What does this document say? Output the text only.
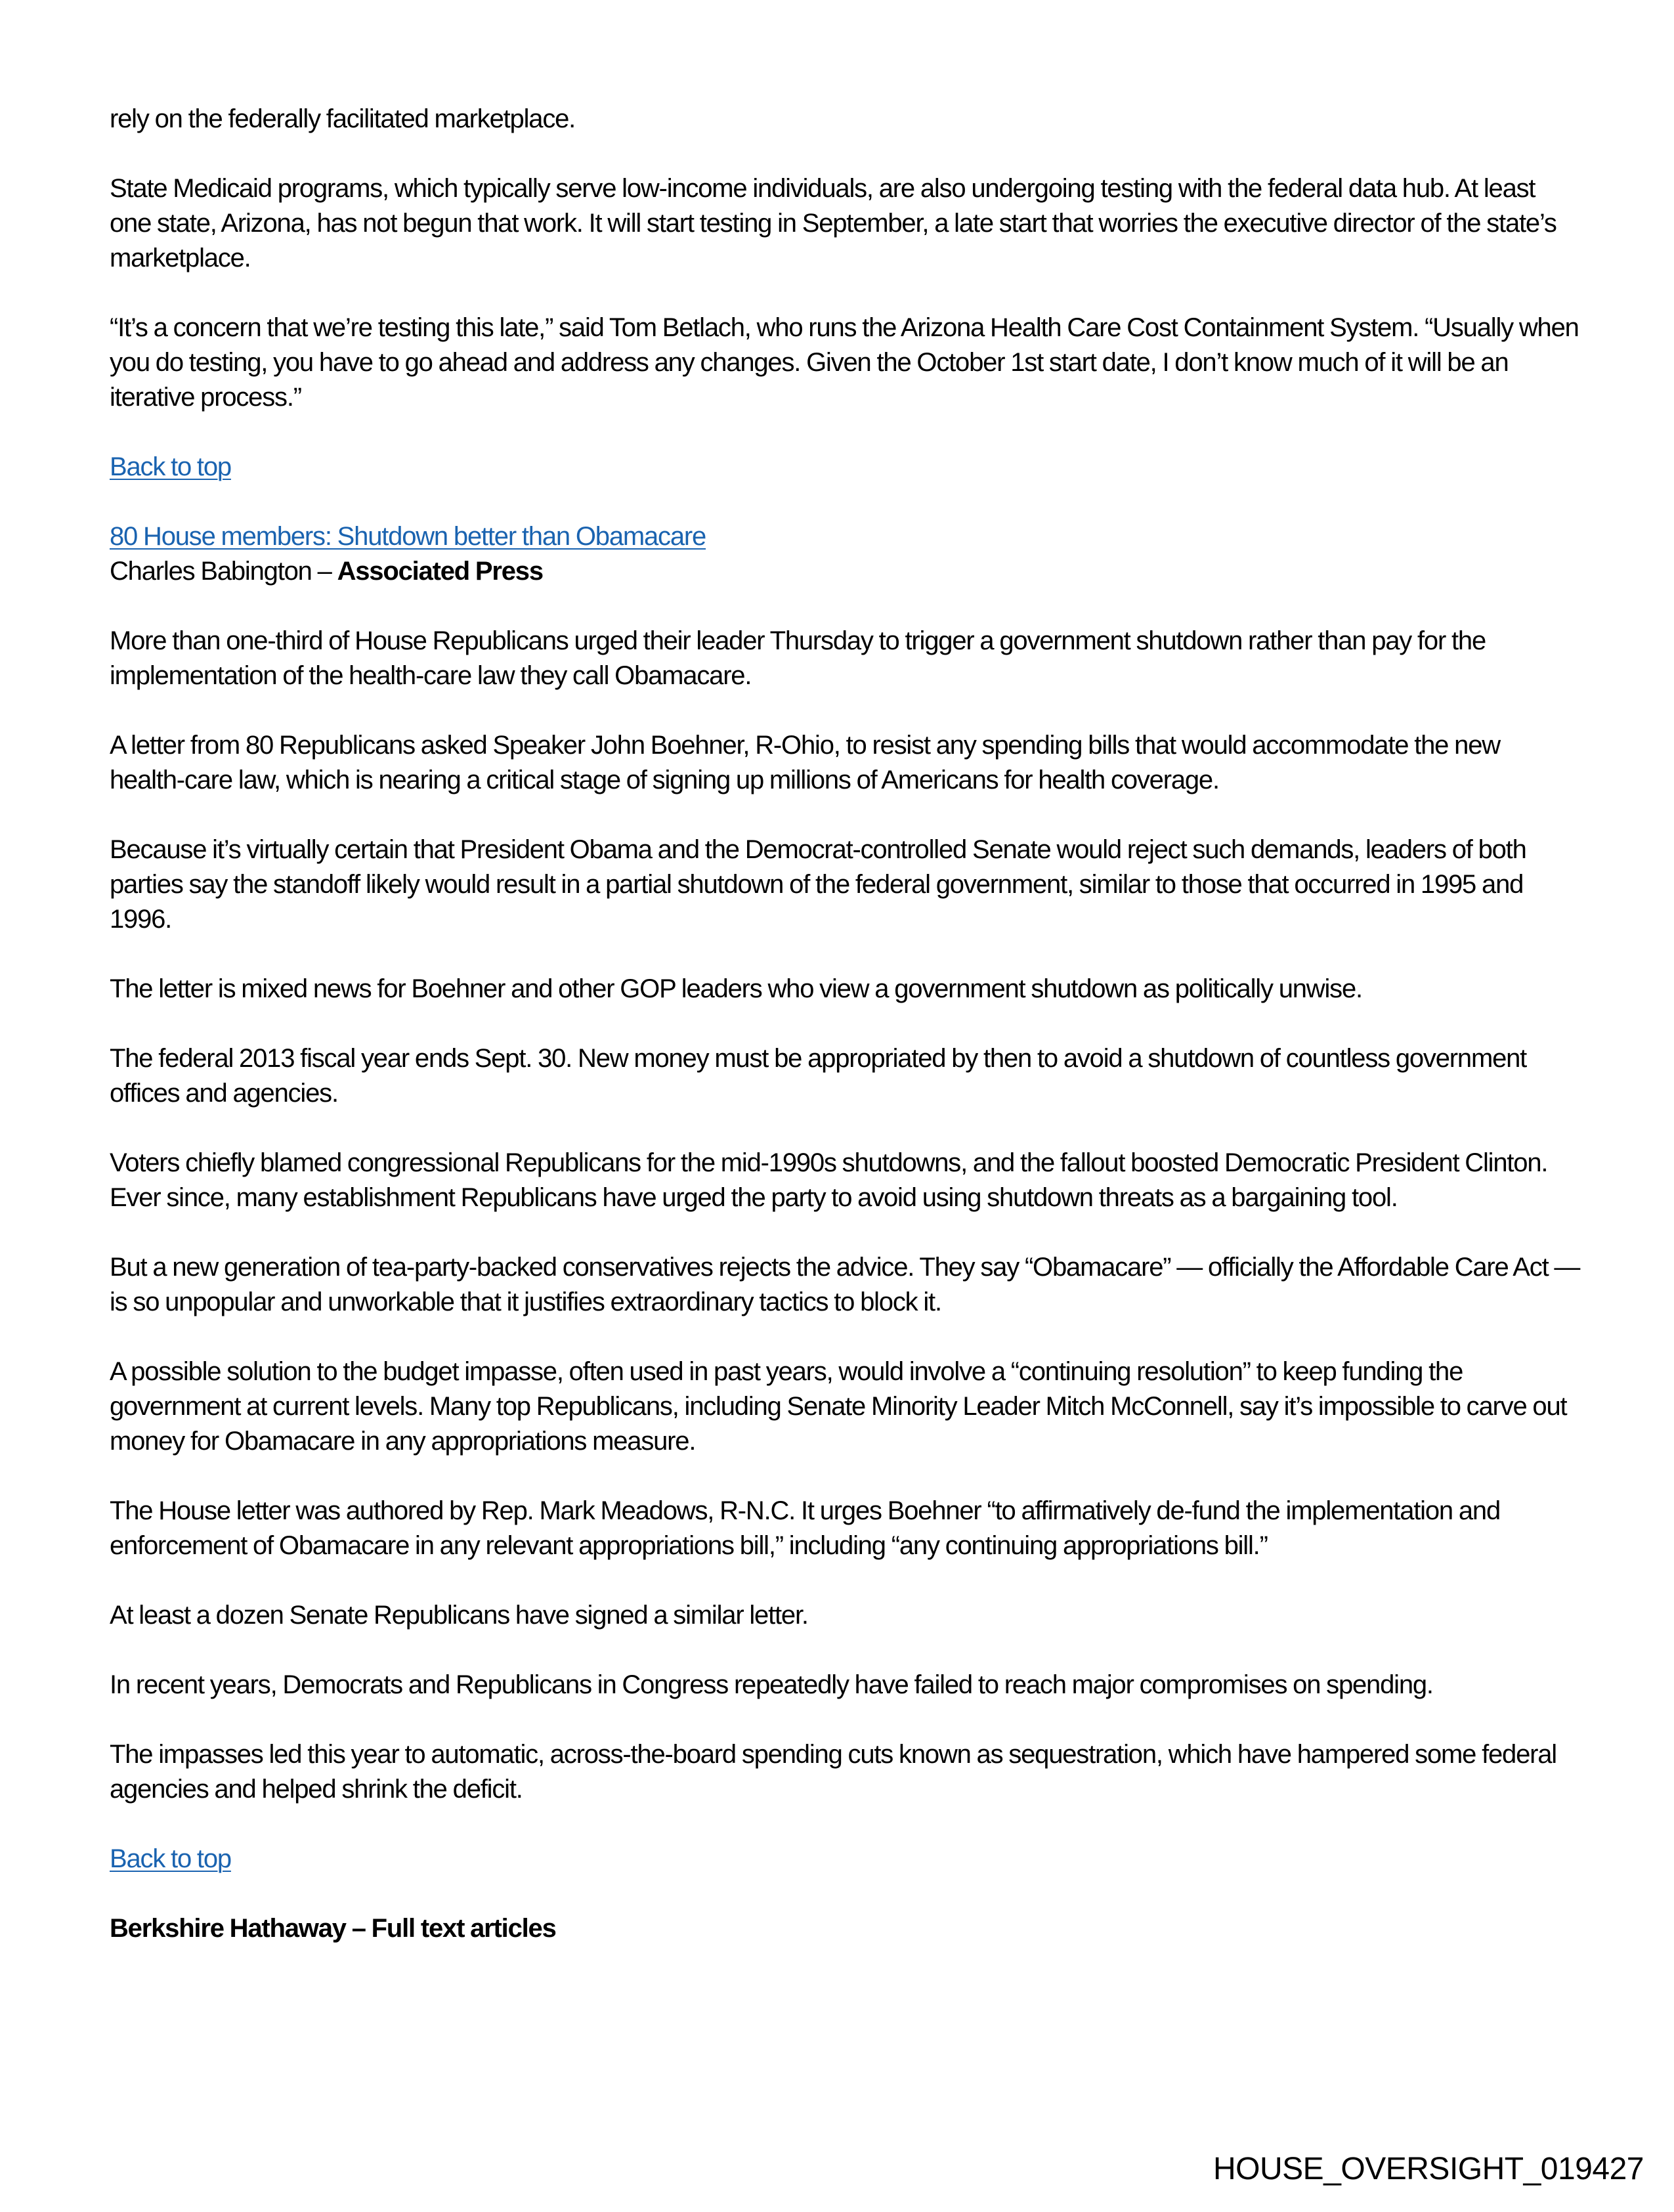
rely on the federally facilitated marketplace.

State Medicaid programs, which typically serve low-income individuals, are also undergoing testing with the federal data hub. At least one state, Arizona, has not begun that work. It will start testing in September, a late start that worries the executive director of the state’s marketplace.

“It’s a concern that we’re testing this late,” said Tom Betlach, who runs the Arizona Health Care Cost Containment System. “Usually when you do testing, you have to go ahead and address any changes. Given the October 1st start date, I don’t know much of it will be an iterative process.”

Back to top

80 House members: Shutdown better than Obamacare

Charles Babington – Associated Press

More than one-third of House Republicans urged their leader Thursday to trigger a government shutdown rather than pay for the implementation of the health-care law they call Obamacare.

A letter from 80 Republicans asked Speaker John Boehner, R-Ohio, to resist any spending bills that would accommodate the new health-care law, which is nearing a critical stage of signing up millions of Americans for health coverage.

Because it’s virtually certain that President Obama and the Democrat-controlled Senate would reject such demands, leaders of both parties say the standoff likely would result in a partial shutdown of the federal government, similar to those that occurred in 1995 and 1996.

The letter is mixed news for Boehner and other GOP leaders who view a government shutdown as politically unwise.

The federal 2013 fiscal year ends Sept. 30. New money must be appropriated by then to avoid a shutdown of countless government offices and agencies.

Voters chiefly blamed congressional Republicans for the mid-1990s shutdowns, and the fallout boosted Democratic President Clinton. Ever since, many establishment Republicans have urged the party to avoid using shutdown threats as a bargaining tool.

But a new generation of tea-party-backed conservatives rejects the advice. They say “Obamacare” — officially the Affordable Care Act — is so unpopular and unworkable that it justifies extraordinary tactics to block it.

A possible solution to the budget impasse, often used in past years, would involve a “continuing resolution” to keep funding the government at current levels. Many top Republicans, including Senate Minority Leader Mitch McConnell, say it’s impossible to carve out money for Obamacare in any appropriations measure.

The House letter was authored by Rep. Mark Meadows, R-N.C. It urges Boehner “to affirmatively de-fund the implementation and enforcement of Obamacare in any relevant appropriations bill,” including “any continuing appropriations bill.”

At least a dozen Senate Republicans have signed a similar letter.

In recent years, Democrats and Republicans in Congress repeatedly have failed to reach major compromises on spending.

The impasses led this year to automatic, across-the-board spending cuts known as sequestration, which have hampered some federal agencies and helped shrink the deficit.

Back to top

Berkshire Hathaway – Full text articles

HOUSE_OVERSIGHT_019427
